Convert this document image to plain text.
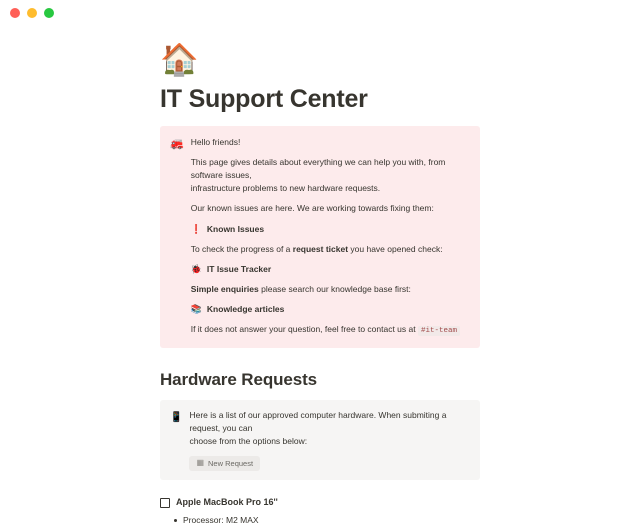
🏠
IT Support Center
🚒 Hello friends!

This page gives details about everything we can help you with, from software issues,

infrastructure problems to new hardware requests.

Our known issues are here. We are working towards fixing them:

❗ Known Issues

To check the progress of a request ticket you have opened check:

🐞 IT Issue Tracker

Simple enquiries please search our knowledge base first:

📚 Knowledge articles

If it does not answer your question, feel free to contact us at #it-team

Hardware Requests
📱 Here is a list of our approved computer hardware. When submiting a request, you can

choose from the options below:

▦ New Request
Apple MacBook Pro 16''
Processor: M2 MAX
